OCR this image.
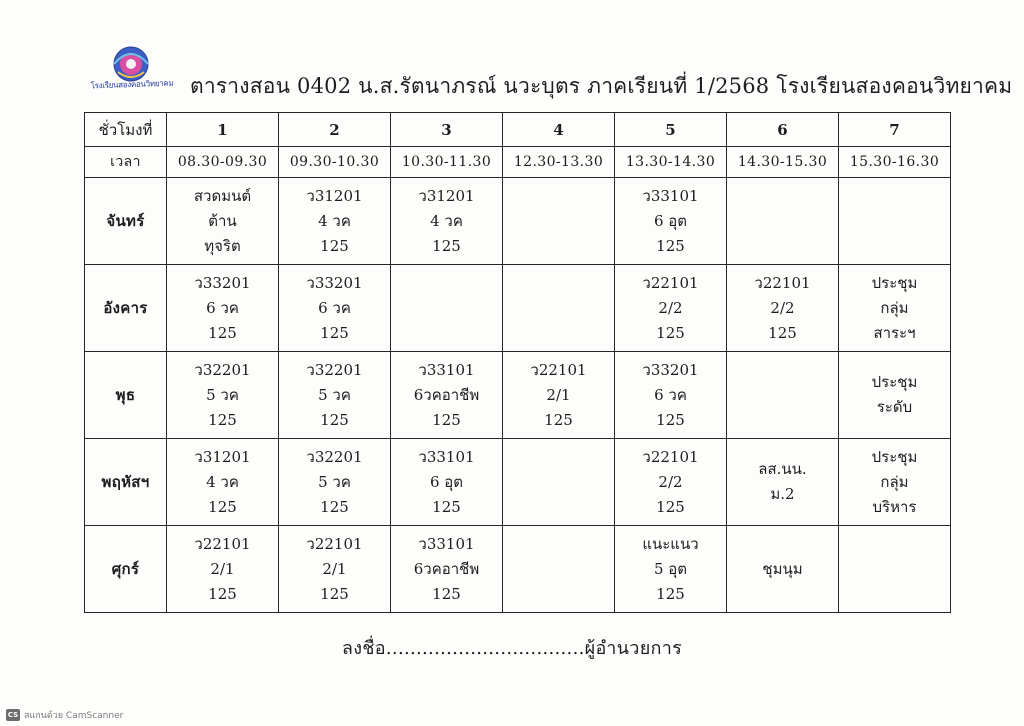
โรงเรียนสองคอนวิทยาคม ตารางสอน 0402 น.ส.รัตนาภรณ์ นวะบุตร ภาคเรียนที่ 1/2568 โรงเรียนสองคอนวิทยาคม
ชั่วโมงที่	1	2	3	4	5	6	7
เวลา	08.30-09.30	09.30-10.30	10.30-11.30	12.30-13.30	13.30-14.30	14.30-15.30	15.30-16.30
จันทร์	สวดมนต์
ต้าน
ทุจริต	ว31201
4 วค
125	ว31201
4 วค
125		ว33101
6 อุต
125		

อังคาร	ว33201
6 วค
125	ว33201
6 วค
125			ว22101
2/2
125	ว22101
2/2
125	ประชุม
กลุ่ม
สาระฯ

พุธ	ว32201
5 วค
125	ว32201
5 วค
125	ว33101
6วคอาชีพ
125	ว22101
2/1
125	ว33201
6 วค
125		ประชุม
ระดับ

พฤหัสฯ	ว31201
4 วค
125	ว32201
5 วค
125	ว33101
6 อุต
125		ว22101
2/2
125	ลส.นน.
ม.2	ประชุม
กลุ่ม
บริหาร

ศุกร์	ว22101
2/1
125	ว22101
2/1
125	ว33101
6วคอาชีพ
125		แนะแนว
5 อุต
125	ชุมนุม	

ลงชื่อ.................................ผู้อำนวยการ
CS สแกนด้วย CamScanner
